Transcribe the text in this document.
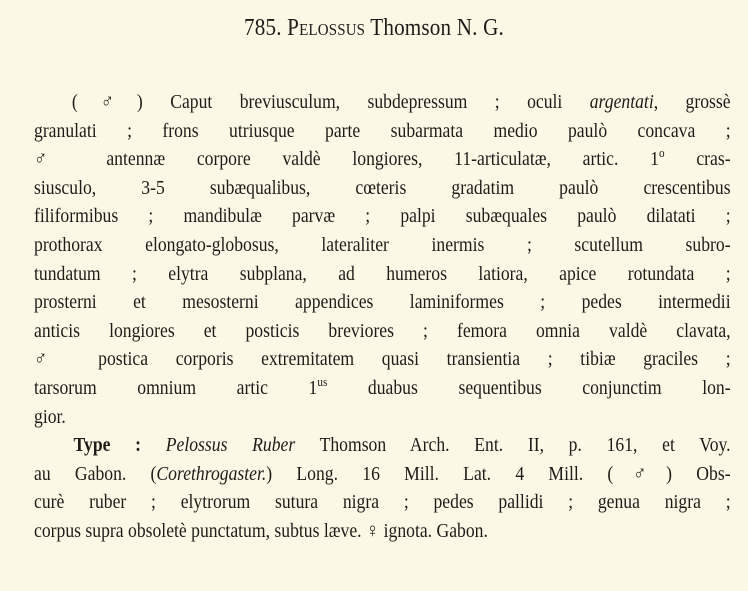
785. Pelossus Thomson N. G.
(♂) Caput breviusculum, subdepressum ; oculi argentati, grossè
granulati ; frons utriusque parte subarmata medio paulò concava ;
♂ antennæ corpore valdè longiores, 11-articulatæ, artic. 1$^o$ cras-
siusculo, 3-5 subæqualibus, cœteris gradatim paulò crescentibus
filiformibus ; mandibulæ parvæ ; palpi subæquales paulò dilatati ;
prothorax elongato-globosus, lateraliter inermis ; scutellum subro-
tundatum ; elytra subplana, ad humeros latiora, apice rotundata ;
prosterni et mesosterni appendices laminiformes ; pedes intermedii
anticis longiores et posticis breviores ; femora omnia valdè clavata,
♂ postica corporis extremitatem quasi transientia ; tibiæ graciles ;
tarsorum omnium artic $1^{us}$ duabus sequentibus conjunctim lon-
gior.
Type : Pelossus Ruber Thomson Arch. Ent. II, p. 161, et Voy.
au Gabon. (Corethrogaster.) Long. 16 Mill. Lat. 4 Mill. (♂) Obs-
curè ruber ; elytrorum sutura nigra ; pedes pallidi ; genua nigra ;
corpus supra obsoletè punctatum, subtus læve. ♀ ignota. Gabon.
